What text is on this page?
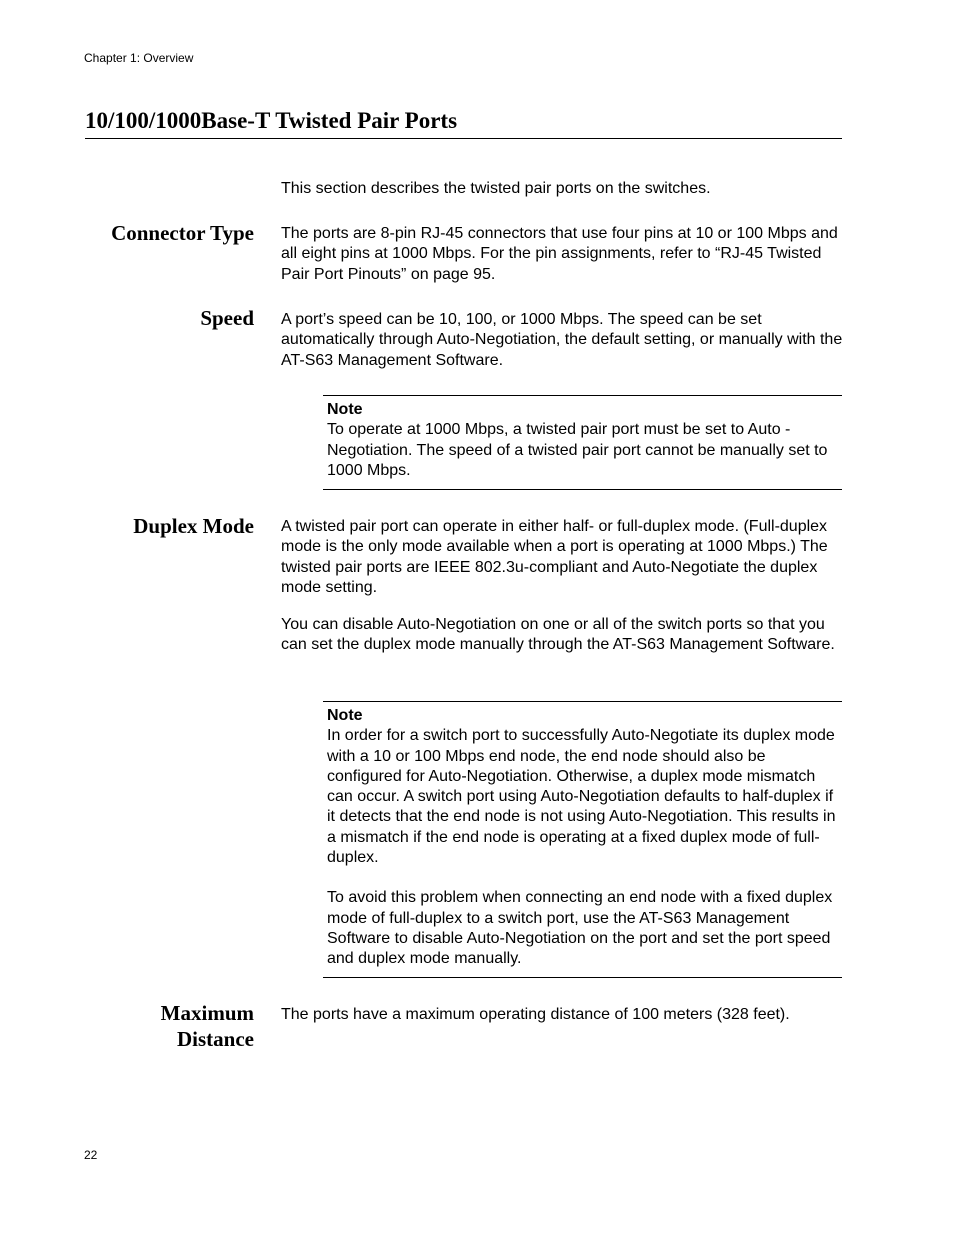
Chapter 1: Overview
10/100/1000Base-T Twisted Pair Ports

This section describes the twisted pair ports on the switches.

Connector Type The ports are 8-pin RJ-45 connectors that use four pins at 10 or 100 Mbps and all eight pins at 1000 Mbps. For the pin assignments, refer to “RJ-45 Twisted Pair Port Pinouts” on page 95.

Speed A port’s speed can be 10, 100, or 1000 Mbps. The speed can be set automatically through Auto-Negotiation, the default setting, or manually with the AT-S63 Management Software.

Note

To operate at 1000 Mbps, a twisted pair port must be set to Auto - Negotiation. The speed of a twisted pair port cannot be manually set to 1000 Mbps.

Duplex Mode A twisted pair port can operate in either half- or full-duplex mode. (Full-duplex mode is the only mode available when a port is operating at 1000 Mbps.) The twisted pair ports are IEEE 802.3u-compliant and Auto-Negotiate the duplex mode setting.

You can disable Auto-Negotiation on one or all of the switch ports so that you can set the duplex mode manually through the AT-S63 Management Software.

Note

In order for a switch port to successfully Auto-Negotiate its duplex mode with a 10 or 100 Mbps end node, the end node should also be configured for Auto-Negotiation. Otherwise, a duplex mode mismatch can occur. A switch port using Auto-Negotiation defaults to half-duplex if it detects that the end node is not using Auto-Negotiation. This results in a mismatch if the end node is operating at a fixed duplex mode of full-duplex.

To avoid this problem when connecting an end node with a fixed duplex mode of full-duplex to a switch port, use the AT-S63 Management Software to disable Auto-Negotiation on the port and set the port speed and duplex mode manually.

Maximum
Distance

The ports have a maximum operating distance of 100 meters (328 feet).

22
